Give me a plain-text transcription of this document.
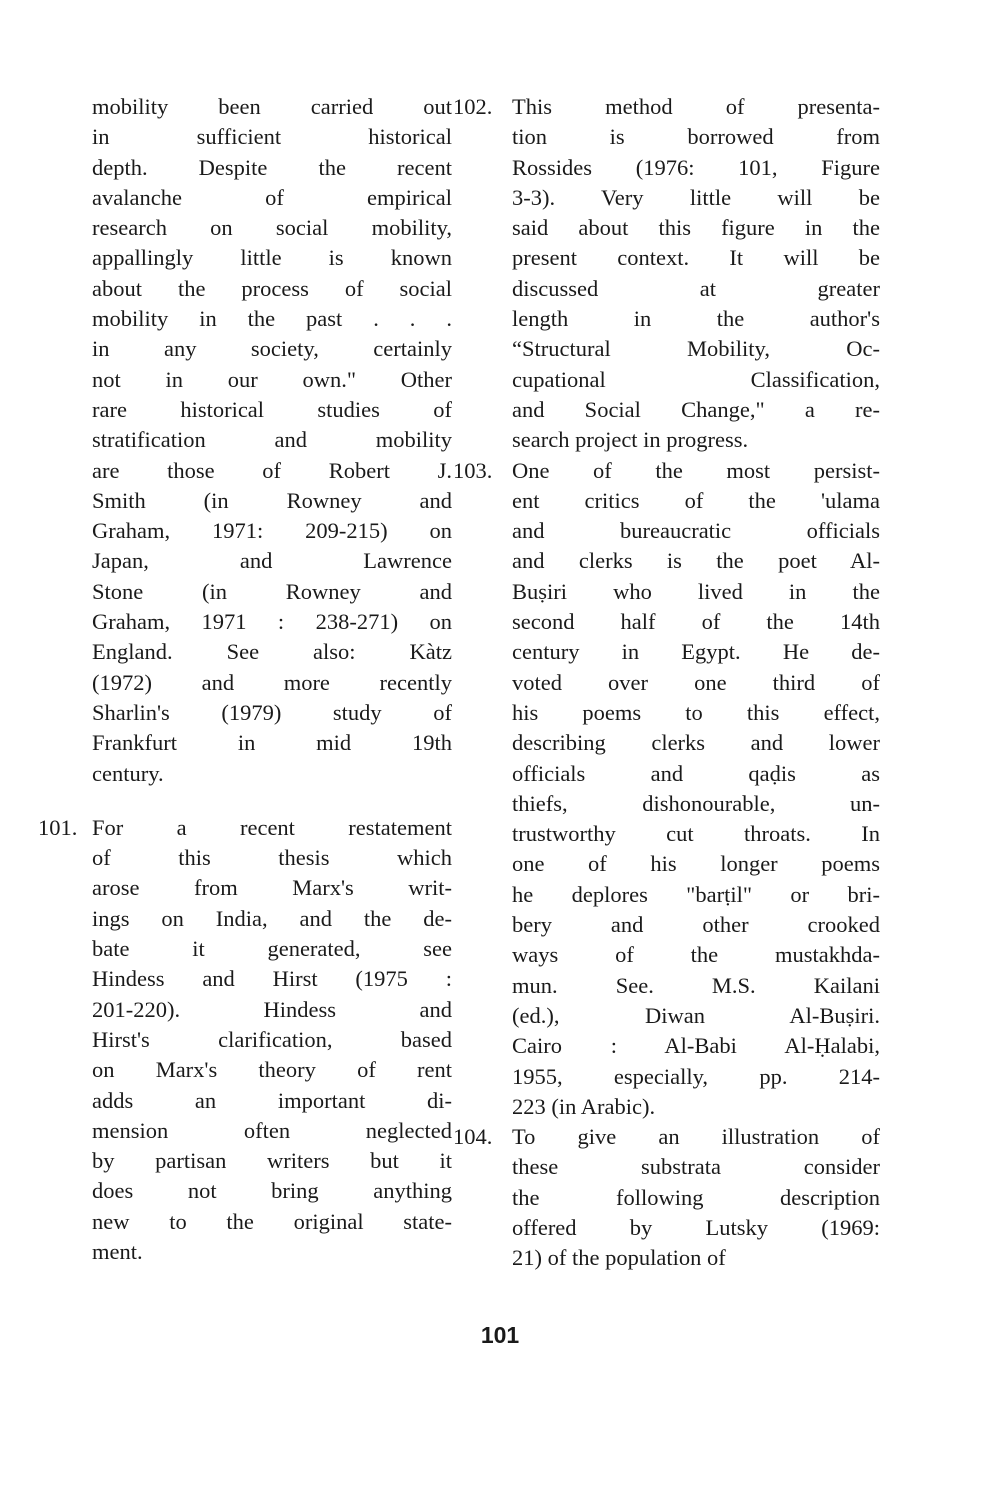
mobility been carried out
in sufficient historical
depth. Despite the recent
avalanche of empirical
research on social mobility,
appallingly little is known
about the process of social
mobility in the past . . .
in any society, certainly
not in our own." Other
rare historical studies of
stratification and mobility
are those of Robert J.
Smith (in Rowney and
Graham, 1971: 209-215) on
Japan, and Lawrence
Stone (in Rowney and
Graham, 1971 : 238-271) on
England. See also: Kàtz
(1972) and more recently
Sharlin's (1979) study of
Frankfurt in mid 19th
century.
101. For a recent restatement
of this thesis which
arose from Marx's writ-
ings on India, and the de-
bate it generated, see
Hindess and Hirst (1975 :
201-220). Hindess and
Hirst's clarification, based
on Marx's theory of rent
adds an important di-
mension often neglected
by partisan writers but it
does not bring anything
new to the original state-
ment.
102. This method of presenta-
tion is borrowed from
Rossides (1976: 101, Figure
3-3). Very little will be
said about this figure in the
present context. It will be
discussed at greater
length in the author's
“Structural Mobility, Oc-
cupational Classification,
and Social Change," a re-
search project in progress.
103. One of the most persist-
ent critics of the 'ulama
and bureaucratic officials
and clerks is the poet Al-
Buṣiri who lived in the
second half of the 14th
century in Egypt. He de-
voted over one third of
his poems to this effect,
describing clerks and lower
officials and qaḍis as
thiefs, dishonourable, un-
trustworthy cut throats. In
one of his longer poems
he deplores "barṭil" or bri-
bery and other crooked
ways of the mustakhda-
mun. See. M.S. Kailani
(ed.), Diwan Al-Buṣiri.
Cairo : Al-Babi Al-Ḥalabi,
1955, especially, pp. 214-
223 (in Arabic).
104. To give an illustration of
these substrata consider
the following description
offered by Lutsky (1969:
21) of the population of
101
